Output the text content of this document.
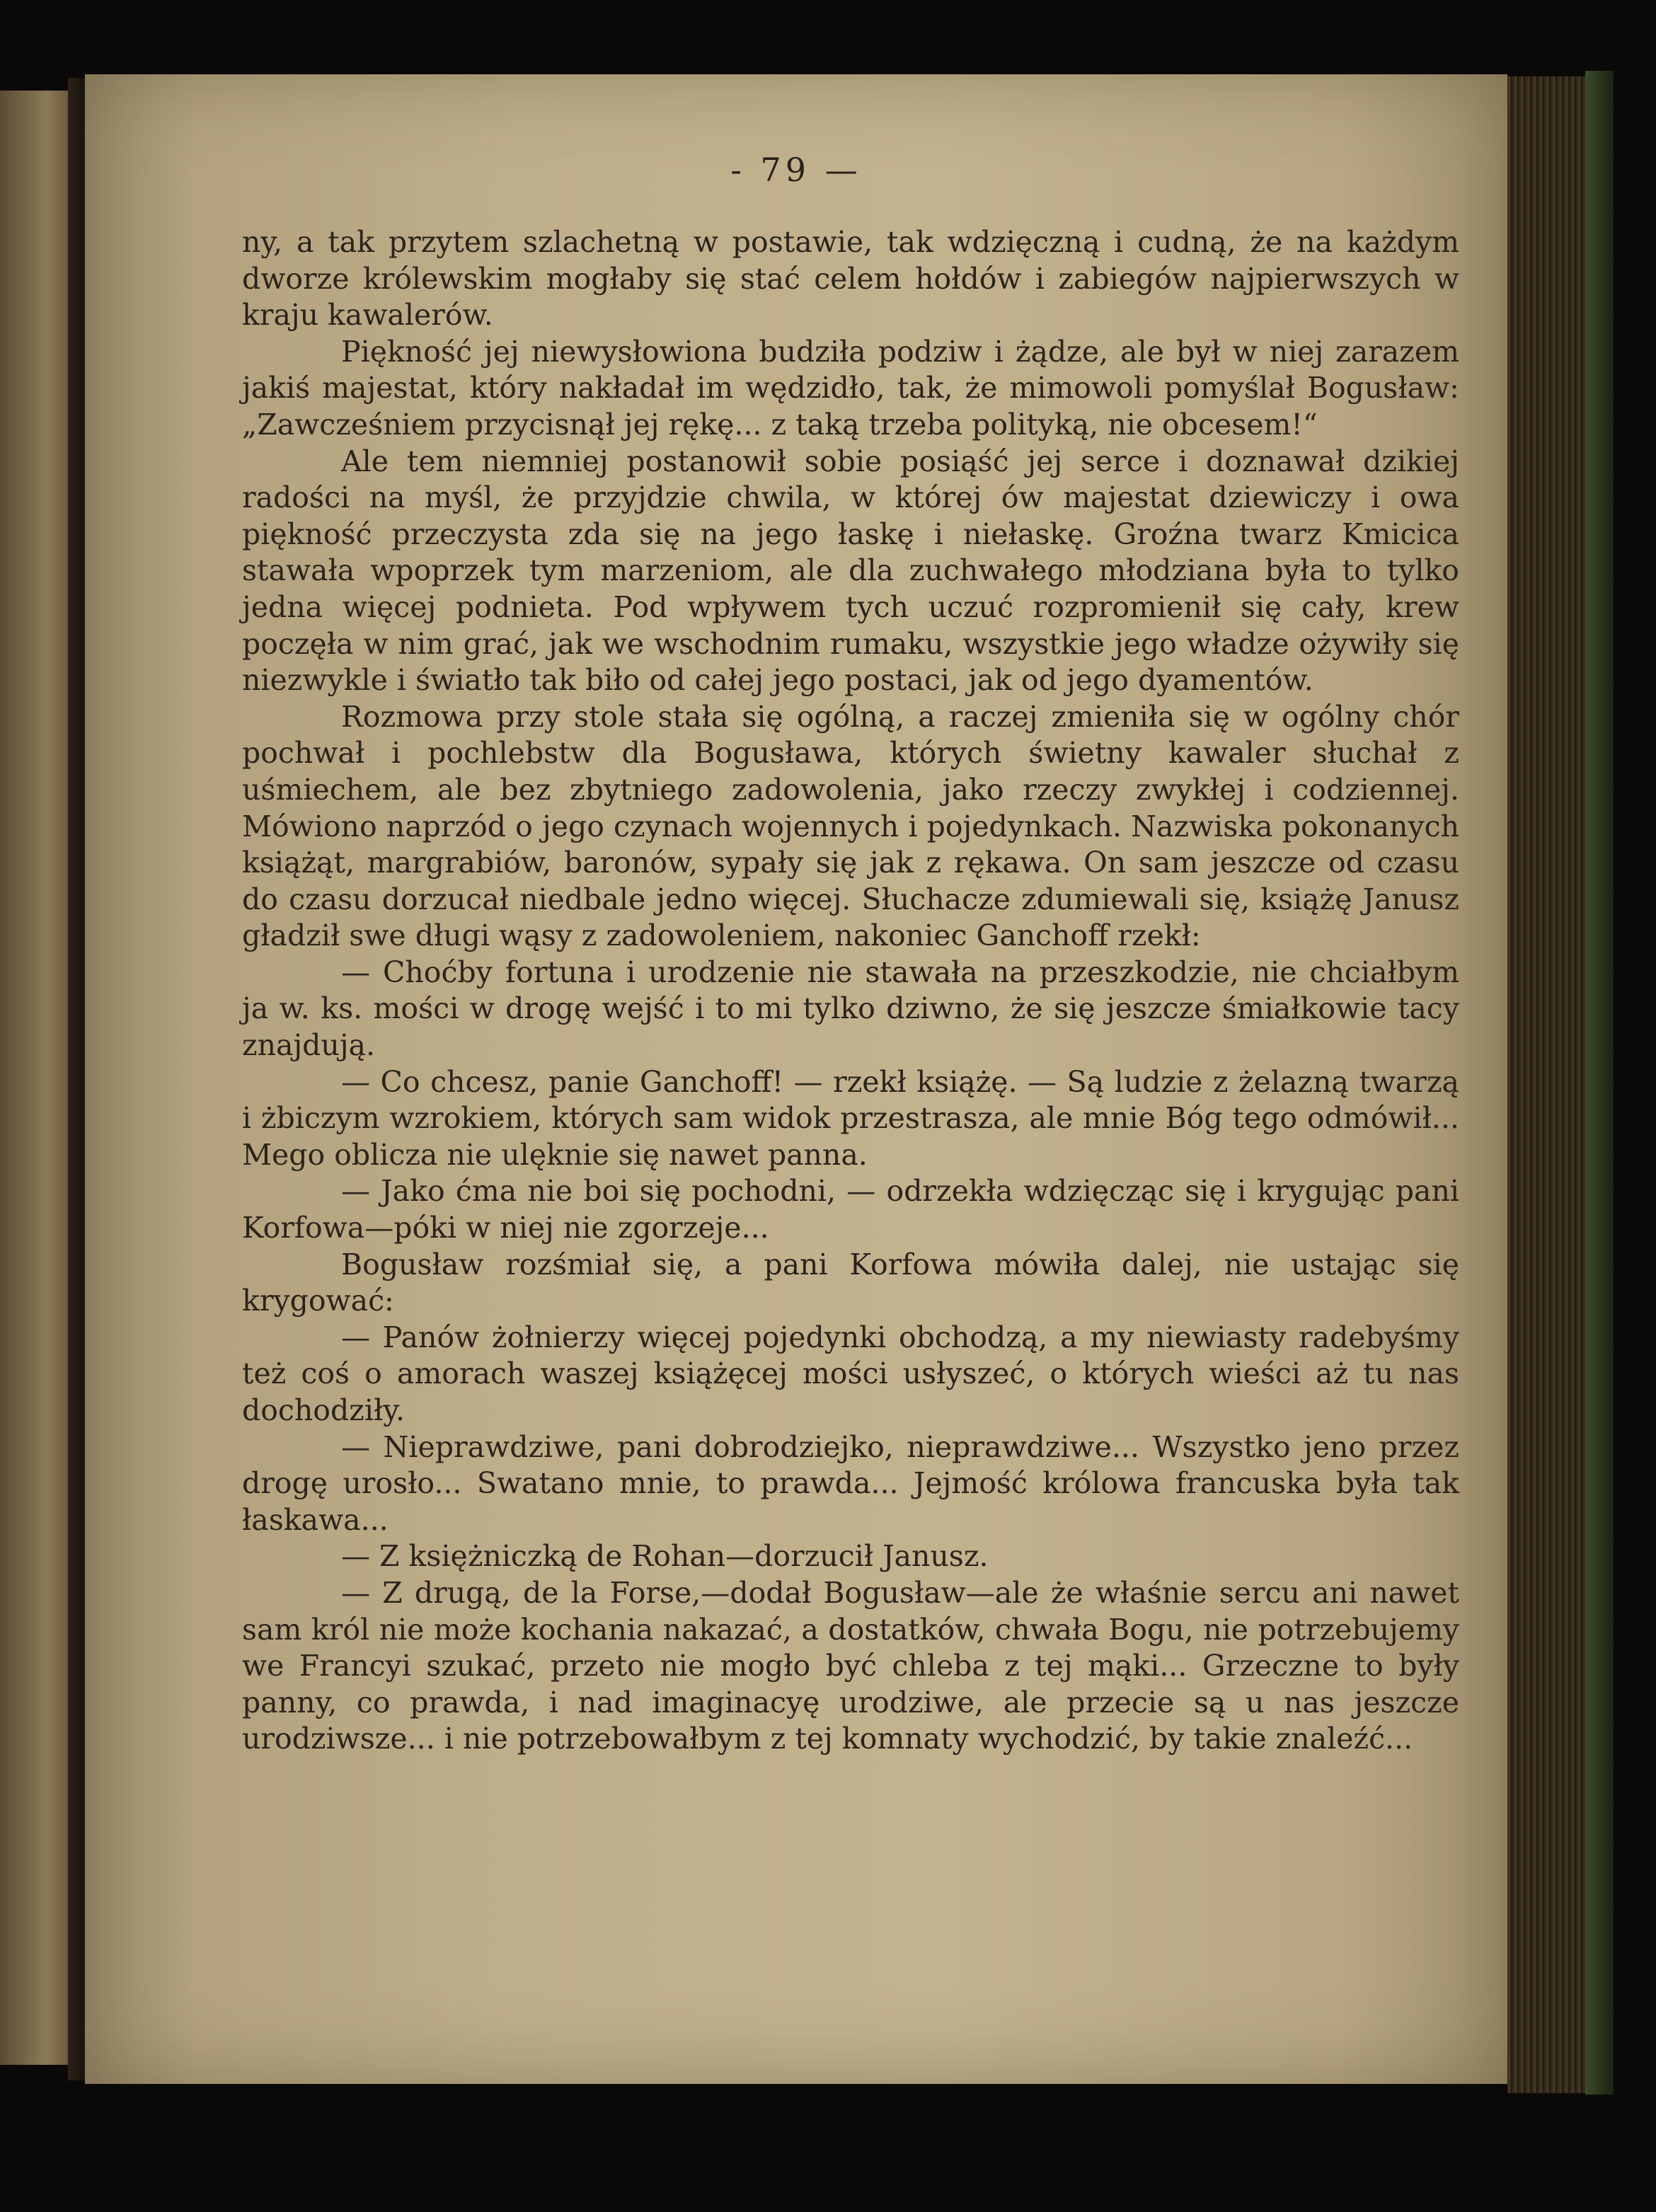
- 79 —

ny, a tak przytem szlachetną w postawie, tak wdzięczną i cudną, że na każdym dworze królewskim mogłaby się stać celem hołdów i zabiegów najpierwszych w kraju kawalerów.

Piękność jej niewysłowiona budziła podziw i żądze, ale był w niej zarazem jakiś majestat, który nakładał im wędzidło, tak, że mimowoli pomyślał Bogusław: „Zawcześniem przycisnął jej rękę... z taką trzeba polityką, nie obcesem!“

Ale tem niemniej postanowił sobie posiąść jej serce i doznawał dzikiej radości na myśl, że przyjdzie chwila, w której ów majestat dziewiczy i owa piękność przeczysta zda się na jego łaskę i niełaskę. Groźna twarz Kmicica stawała wpoprzek tym marzeniom, ale dla zuchwałego młodziana była to tylko jedna więcej podnieta. Pod wpływem tych uczuć rozpromienił się cały, krew poczęła w nim grać, jak we wschodnim rumaku, wszystkie jego władze ożywiły się niezwykle i światło tak biło od całej jego postaci, jak od jego dyamentów.

Rozmowa przy stole stała się ogólną, a raczej zmieniła się w ogólny chór pochwał i pochlebstw dla Bogusława, których świetny kawaler słuchał z uśmiechem, ale bez zbytniego zadowolenia, jako rzeczy zwykłej i codziennej. Mówiono naprzód o jego czynach wojennych i pojedynkach. Nazwiska pokonanych książąt, margrabiów, baronów, sypały się jak z rękawa. On sam jeszcze od czasu do czasu dorzucał niedbale jedno więcej. Słuchacze zdumiewali się, książę Janusz gładził swe długi wąsy z zadowoleniem, nakoniec Ganchoff rzekł:

— Choćby fortuna i urodzenie nie stawała na przeszkodzie, nie chciałbym ja w. ks. mości w drogę wejść i to mi tylko dziwno, że się jeszcze śmiałkowie tacy znajdują.

— Co chcesz, panie Ganchoff! — rzekł książę. — Są ludzie z żelazną twarzą i żbiczym wzrokiem, których sam widok przestrasza, ale mnie Bóg tego odmówił... Mego oblicza nie ulęknie się nawet panna.

— Jako ćma nie boi się pochodni, — odrzekła wdzięcząc się i krygując pani Korfowa—póki w niej nie zgorzeje...

Bogusław rozśmiał się, a pani Korfowa mówiła dalej, nie ustając się krygować:

— Panów żołnierzy więcej pojedynki obchodzą, a my niewiasty radebyśmy też coś o amorach waszej książęcej mości usłyszeć, o których wieści aż tu nas dochodziły.

— Nieprawdziwe, pani dobrodziejko, nieprawdziwe... Wszystko jeno przez drogę urosło... Swatano mnie, to prawda... Jejmość królowa francuska była tak łaskawa...

— Z księżniczką de Rohan—dorzucił Janusz.

— Z drugą, de la Forse,—dodał Bogusław—ale że właśnie sercu ani nawet sam król nie może kochania nakazać, a dostatków, chwała Bogu, nie potrzebujemy we Francyi szukać, przeto nie mogło być chleba z tej mąki... Grzeczne to były panny, co prawda, i nad imaginacyę urodziwe, ale przecie są u nas jeszcze urodziwsze... i nie potrzebowałbym z tej komnaty wychodzić, by takie znaleźć...
